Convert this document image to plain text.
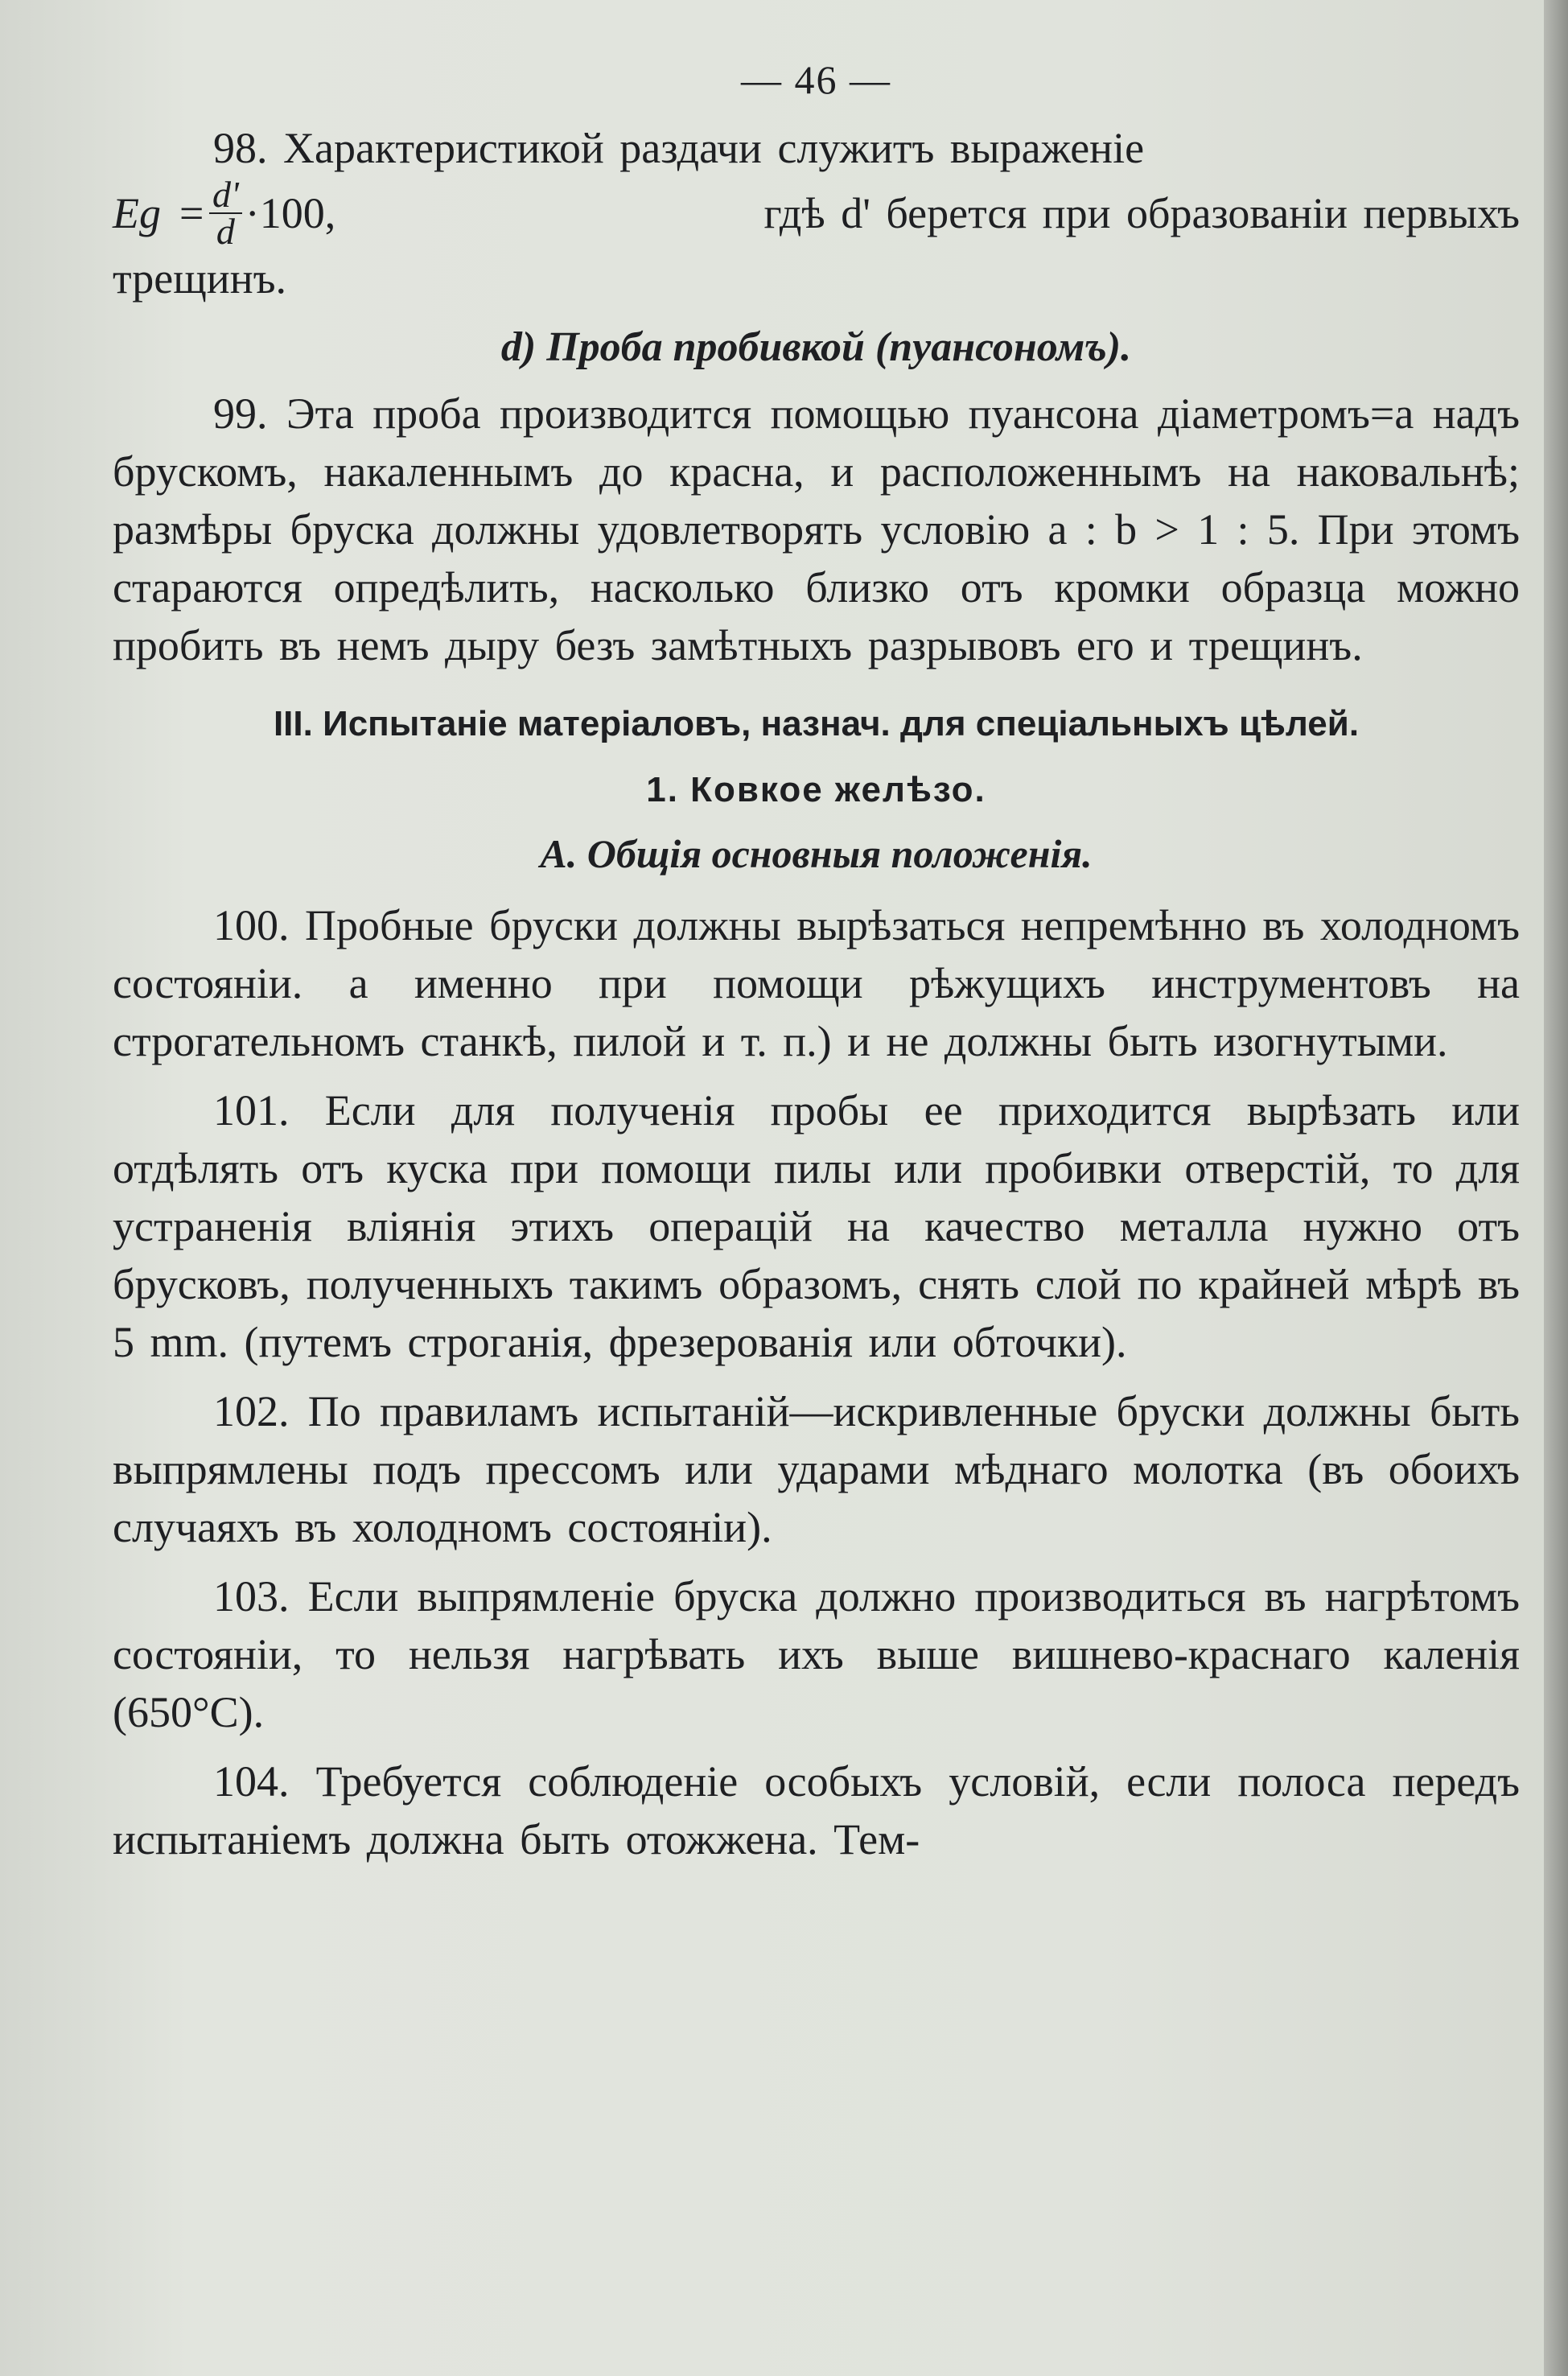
— 46 —

98. Характеристикой раздачи служитъ выраженiе

$Eg = \frac{d'}{d} \cdot 100$,	гдѣ d' берется при образованiи первыхъ

трещинъ.

d) Проба пробивкой (пуансономъ).

99. Эта проба производится помощью пуансона дiаметромъ=a надъ брускомъ, накаленнымъ до красна, и расположеннымъ на наковальнѣ; размѣры бруска должны удовлетворять условiю a : b > 1 : 5. При этомъ стараются опредѣлить, насколько близко отъ кромки образца можно пробить въ немъ дыру безъ замѣтныхъ разрывовъ его и трещинъ.

III. Испытанiе матерiаловъ, назнач. для спецiальныхъ цѣлей.
1. Ковкое желѣзо.
A. Общiя основныя положенiя.

100. Пробные бруски должны вырѣзаться непремѣнно въ холодномъ состоянiи. а именно при помощи рѣжущихъ инструментовъ на строгательномъ станкѣ, пилой и т. п.) и не должны быть изогнутыми.

101. Если для полученiя пробы ее приходится вырѣзать или отдѣлять отъ куска при помощи пилы или пробивки отверстiй, то для устраненiя влiянiя этихъ операцiй на качество металла нужно отъ брусковъ, полученныхъ такимъ образомъ, снять слой по крайней мѣрѣ въ 5 mm. (путемъ строганiя, фрезерованiя или обточки).

102. По правиламъ испытанiй—искривленные бруски должны быть выпрямлены подъ прессомъ или ударами мѣднаго молотка (въ обоихъ случаяхъ въ холодномъ состоянiи).

103. Если выпрямленiе бруска должно производиться въ нагрѣтомъ состоянiи, то нельзя нагрѣвать ихъ выше вишнево-краснаго каленiя (650°C).

104. Требуется соблюденiе особыхъ условiй, если полоса передъ испытанiемъ должна быть отожжена. Тем-
